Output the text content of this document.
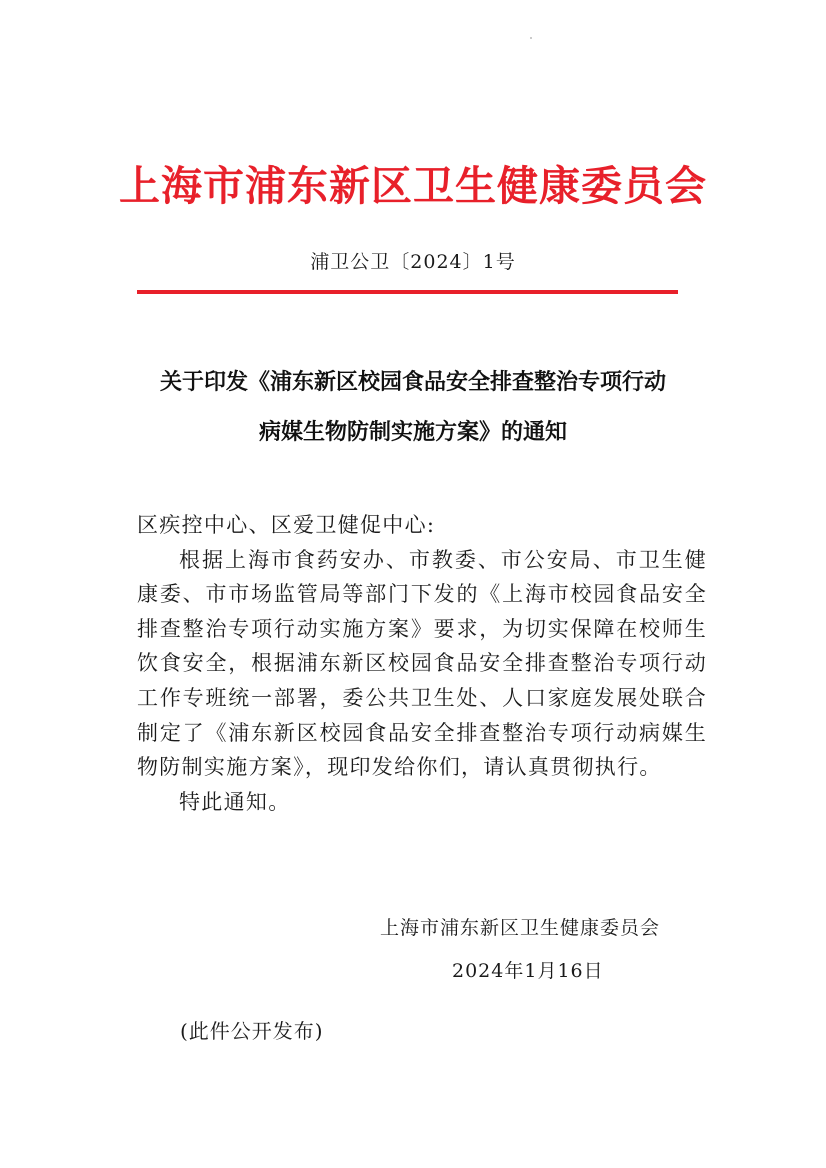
上海市浦东新区卫生健康委员会
浦卫公卫〔2024〕1号
关于印发《浦东新区校园食品安全排查整治专项行动
病媒生物防制实施方案》的通知

区疾控中心、区爱卫健促中心:

根据上海市食药安办、市教委、市公安局、市卫生健康委、市市场监管局等部门下发的《上海市校园食品安全排查整治专项行动实施方案》要求，为切实保障在校师生饮食安全，根据浦东新区校园食品安全排查整治专项行动工作专班统一部署，委公共卫生处、人口家庭发展处联合制定了《浦东新区校园食品安全排查整治专项行动病媒生物防制实施方案》，现印发给你们，请认真贯彻执行。

特此通知。

上海市浦东新区卫生健康委员会
2024年1月16日
(此件公开发布)
